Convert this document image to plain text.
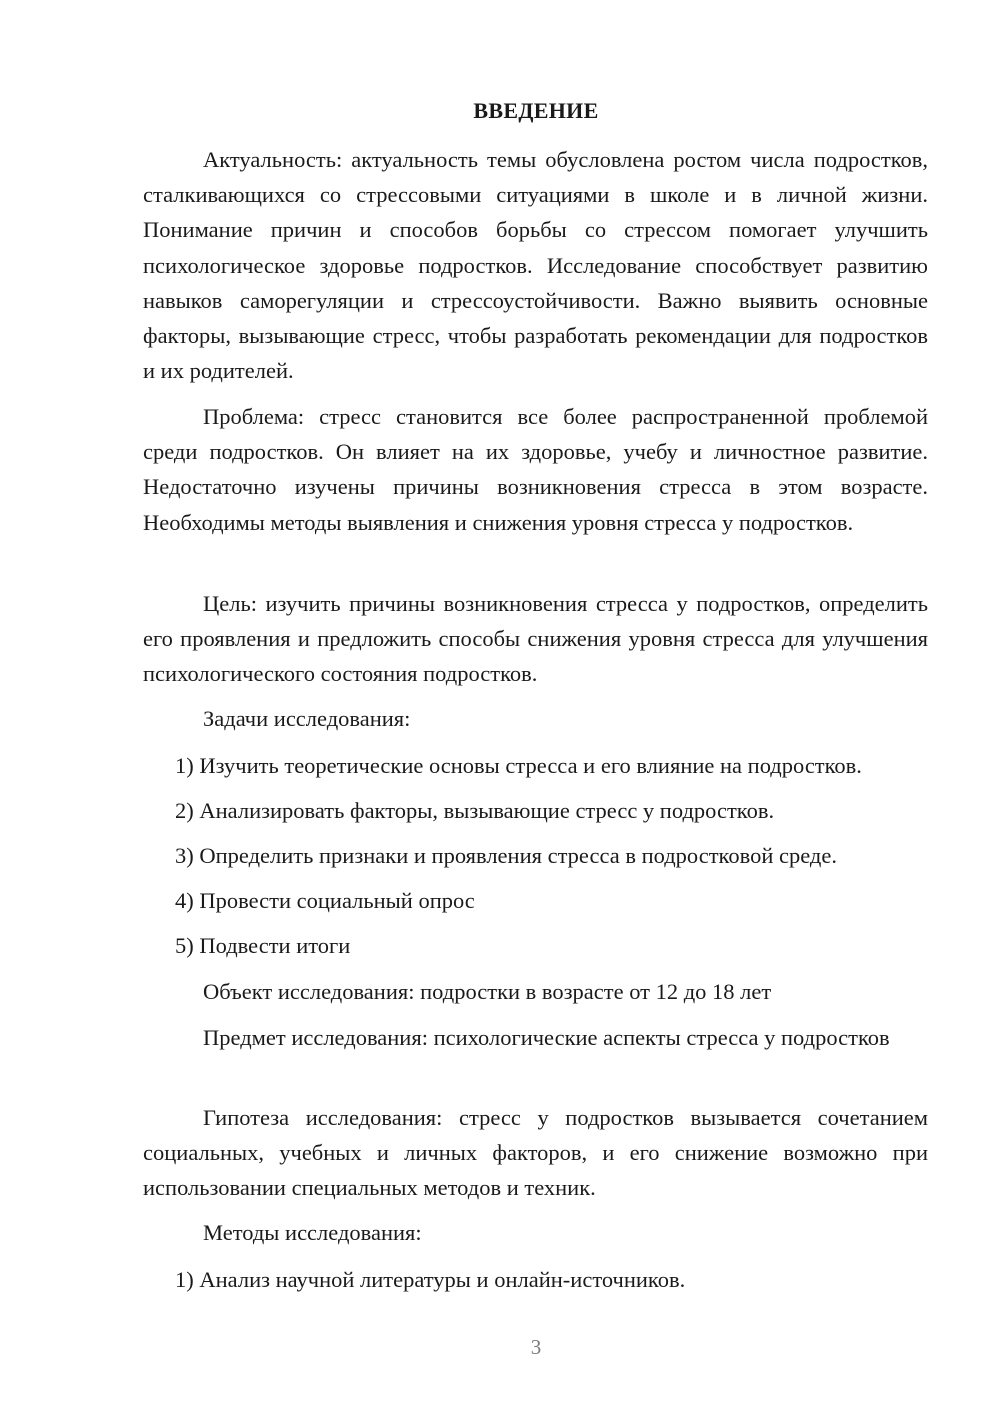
ВВЕДЕНИЕ

Актуальность: актуальность темы обусловлена ростом числа подростков, сталкивающихся со стрессовыми ситуациями в школе и в личной жизни. Понимание причин и способов борьбы со стрессом помогает улучшить психологическое здоровье подростков. Исследование способствует развитию навыков саморегуляции и стрессоустойчивости. Важно выявить основные факторы, вызывающие стресс, чтобы разработать рекомендации для подростков и их родителей.

Проблема: стресс становится все более распространенной проблемой среди подростков. Он влияет на их здоровье, учебу и личностное развитие. Недостаточно изучены причины возникновения стресса в этом возрасте. Необходимы методы выявления и снижения уровня стресса у подростков.

Цель: изучить причины возникновения стресса у подростков, определить его проявления и предложить способы снижения уровня стресса для улучшения психологического состояния подростков.

Задачи исследования:

1) Изучить теоретические основы стресса и его влияние на подростков.

2) Анализировать факторы, вызывающие стресс у подростков.

3) Определить признаки и проявления стресса в подростковой среде.

4) Провести социальный опрос

5) Подвести итоги

Объект исследования: подростки в возрасте от 12 до 18 лет

Предмет исследования: психологические аспекты стресса у подростков

Гипотеза исследования: стресс у подростков вызывается сочетанием социальных, учебных и личных факторов, и его снижение возможно при использовании специальных методов и техник.

Методы исследования:

1) Анализ научной литературы и онлайн-источников.

3
